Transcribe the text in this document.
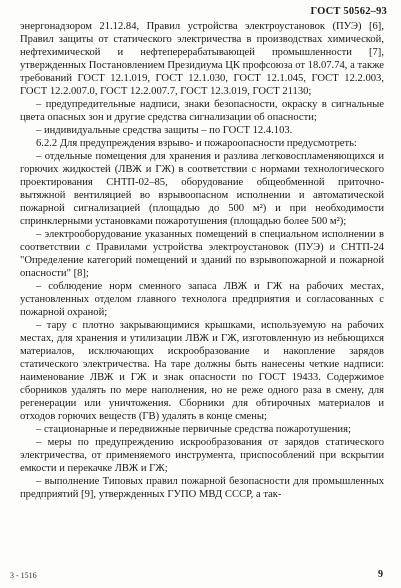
ГОСТ 50562–93

энергонадзором 21.12.84, Правил устройства электроустановок (ПУЭ) [6], Правил защиты от статического электричества в производствах химической, нефтехимической и нефтеперерабатывающей промышленности [7], утвержденных Постановлением Президиума ЦК профсоюза от 18.07.74, а также требований ГОСТ 12.1.019, ГОСТ 12.1.030, ГОСТ 12.1.045, ГОСТ 12.2.003, ГОСТ 12.2.007.0, ГОСТ 12.2.007.7, ГОСТ 12.3.019, ГОСТ 21130;

– предупредительные надписи, знаки безопасности, окраску в сигнальные цвета опасных зон и другие средства сигнализации об опасности;

– индивидуальные средства защиты – по ГОСТ 12.4.103.

6.2.2 Для предупреждения взрыво- и пожароопасности предусмотреть:

– отдельные помещения для хранения и разлива легковоспламеняющихся и горючих жидкостей (ЛВЖ и ГЖ) в соответствии с нормами технологического проектирования СНТП-02–85, оборудование общеобменной приточно-вытяжной вентиляцией во взрывоопасном исполнении и автоматической пожарной сигнализацией (площадью до 500 м²) и при необходимости спринклерными установками пожаротушения (площадью более 500 м²);

– электрооборудование указанных помещений в специальном исполнении в соответствии с Правилами устройства электроустановок (ПУЭ) и СНТП-24 "Определение категорий помещений и зданий по взрывопожарной и пожарной опасности" [8];

– соблюдение норм сменного запаса ЛВЖ и ГЖ на рабочих местах, установленных отделом главного технолога предприятия и согласованных с пожарной охраной;

– тару с плотно закрывающимися крышками, используемую на рабочих местах, для хранения и утилизации ЛВЖ и ГЖ, изготовленную из небьющихся материалов, исключающих искрообразование и накопление зарядов статического электричества. На таре должны быть нанесены четкие надписи: наименование ЛВЖ и ГЖ и знак опасности по ГОСТ 19433. Содержимое сборников удалять по мере наполнения, но не реже одного раза в смену, для регенерации или уничтожения. Сборники для обтирочных материалов и отходов горючих веществ (ГВ) удалять в конце смены;

– стационарные и передвижные первичные средства пожаротушения;

– меры по предупреждению искрообразования от зарядов статического электричества, от применяемого инструмента, приспособлений при вскрытии емкости и перекачке ЛВЖ и ГЖ;

– выполнение Типовых правил пожарной безопасности для промышленных предприятий [9], утвержденных ГУПО МВД СССР, а так-

3 - 1516	9
